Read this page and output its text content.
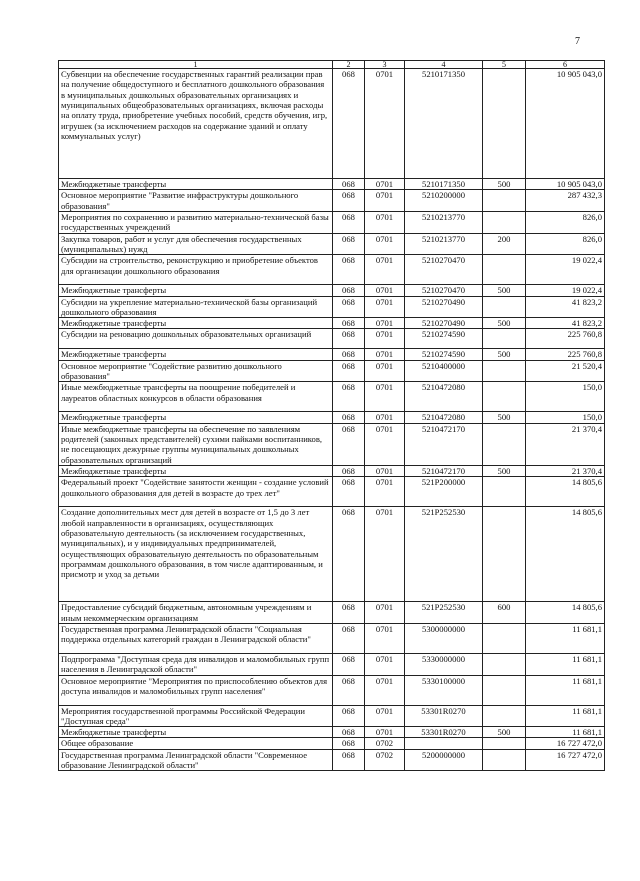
7
1	2	3	4	5	6
Субвенции на обеспечение государственных гарантий реализации прав на получение общедоступного и бесплатного дошкольного образования в муниципальных дошкольных образовательных организациях и муниципальных общеобразовательных организациях, включая расходы на оплату труда, приобретение учебных пособий, средств обучения, игр, игрушек (за исключением расходов на содержание зданий и оплату коммунальных услуг)	068	0701	5210171350		10 905 043,0
Межбюджетные трансферты	068	0701	5210171350	500	10 905 043,0
Основное мероприятие "Развитие инфраструктуры дошкольного образования"	068	0701	5210200000		287 432,3
Мероприятия по сохранению и развитию материально-технической базы государственных учреждений	068	0701	5210213770		826,0
Закупка товаров, работ и услуг для обеспечения государственных (муниципальных) нужд	068	0701	5210213770	200	826,0
Субсидии на строительство, реконструкцию и приобретение объектов для организации дошкольного образования	068	0701	5210270470		19 022,4
Межбюджетные трансферты	068	0701	5210270470	500	19 022,4
Субсидии на укрепление материально-технической базы организаций дошкольного образования	068	0701	5210270490		41 823,2
Межбюджетные трансферты	068	0701	5210270490	500	41 823,2
Субсидии на реновацию дошкольных образовательных организаций	068	0701	5210274590		225 760,8
Межбюджетные трансферты	068	0701	5210274590	500	225 760,8
Основное мероприятие "Содействие развитию дошкольного образования"	068	0701	5210400000		21 520,4
Иные межбюджетные трансферты на поощрение победителей и лауреатов областных конкурсов в области образования	068	0701	5210472080		150,0
Межбюджетные трансферты	068	0701	5210472080	500	150,0
Иные межбюджетные трансферты на обеспечение по заявлениям родителей (законных представителей) сухими пайками воспитанников, не посещающих дежурные группы муниципальных дошкольных образовательных организаций	068	0701	5210472170		21 370,4
Межбюджетные трансферты	068	0701	5210472170	500	21 370,4
Федеральный проект "Содействие занятости женщин - создание условий дошкольного образования для детей в возрасте до трех лет"	068	0701	521P200000		14 805,6
Создание дополнительных мест для детей в возрасте от 1,5 до 3 лет любой направленности в организациях, осуществляющих образовательную деятельность (за исключением государственных, муниципальных), и у индивидуальных предпринимателей, осуществляющих образовательную деятельность по образовательным программам дошкольного образования, в том числе адаптированным, и присмотр и уход за детьми	068	0701	521P252530		14 805,6
Предоставление субсидий бюджетным, автономным учреждениям и иным некоммерческим организациям	068	0701	521P252530	600	14 805,6
Государственная программа Ленинградской области "Социальная поддержка отдельных категорий граждан в Ленинградской области"	068	0701	5300000000		11 681,1
Подпрограмма "Доступная среда для инвалидов и маломобильных групп населения в Ленинградской области"	068	0701	5330000000		11 681,1
Основное мероприятие "Мероприятия по приспособлению объектов для доступа инвалидов и маломобильных групп населения"	068	0701	5330100000		11 681,1
Мероприятия государственной программы Российской Федерации "Доступная среда"	068	0701	53301R0270		11 681,1
Межбюджетные трансферты	068	0701	53301R0270	500	11 681,1
Общее образование	068	0702			16 727 472,0
Государственная программа Ленинградской области "Современное образование Ленинградской области"	068	0702	5200000000		16 727 472,0
